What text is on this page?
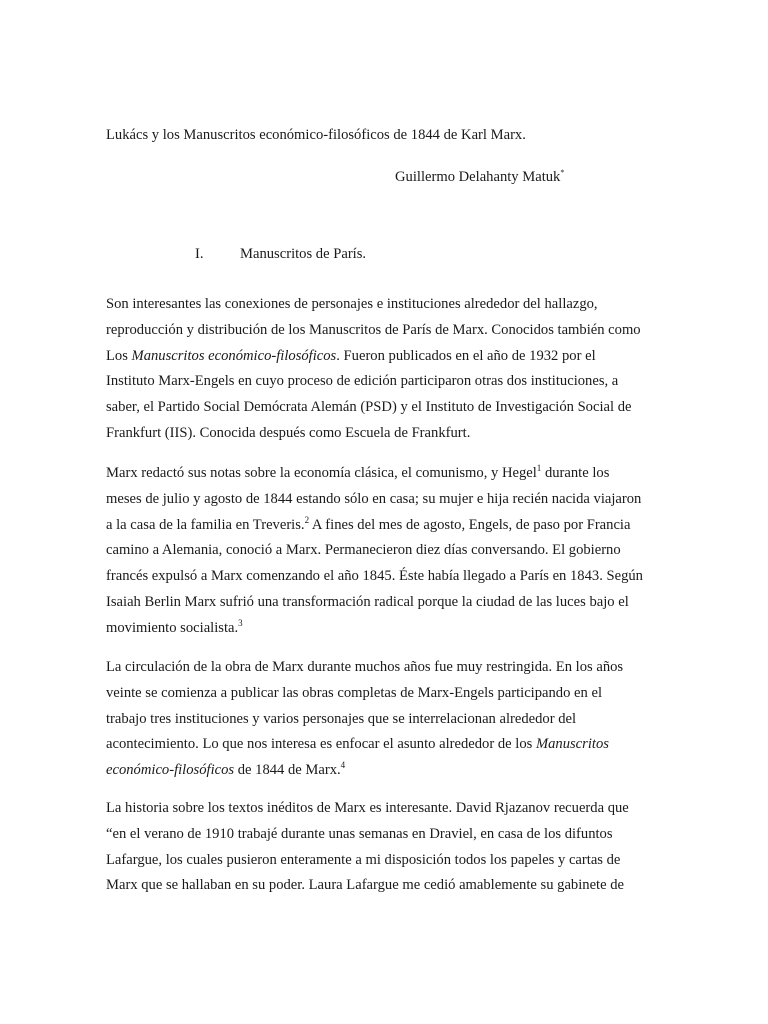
Lukács y los Manuscritos económico-filosóficos de 1844 de Karl Marx.
Guillermo Delahanty Matuk*
I. Manuscritos de París.

Son interesantes las conexiones de personajes e instituciones alrededor del hallazgo,
reproducción y distribución de los Manuscritos de París de Marx. Conocidos también como
Los Manuscritos económico-filosóficos. Fueron publicados en el año de 1932 por el
Instituto Marx-Engels en cuyo proceso de edición participaron otras dos instituciones, a
saber, el Partido Social Demócrata Alemán (PSD) y el Instituto de Investigación Social de
Frankfurt (IIS). Conocida después como Escuela de Frankfurt.

Marx redactó sus notas sobre la economía clásica, el comunismo, y Hegel$^1$ durante los
meses de julio y agosto de 1844 estando sólo en casa; su mujer e hija recién nacida viajaron
a la casa de la familia en Treveris.$^2$ A fines del mes de agosto, Engels, de paso por Francia
camino a Alemania, conoció a Marx. Permanecieron diez días conversando. El gobierno
francés expulsó a Marx comenzando el año 1845. Éste había llegado a París en 1843. Según
Isaiah Berlin Marx sufrió una transformación radical porque la ciudad de las luces bajo el
movimiento socialista.$^3$

La circulación de la obra de Marx durante muchos años fue muy restringida. En los años
veinte se comienza a publicar las obras completas de Marx-Engels participando en el
trabajo tres instituciones y varios personajes que se interrelacionan alrededor del
acontecimiento. Lo que nos interesa es enfocar el asunto alrededor de los Manuscritos
económico-filosóficos de 1844 de Marx.$^4$

La historia sobre los textos inéditos de Marx es interesante. David Rjazanov recuerda que
“en el verano de 1910 trabajé durante unas semanas en Draviel, en casa de los difuntos
Lafargue, los cuales pusieron enteramente a mi disposición todos los papeles y cartas de
Marx que se hallaban en su poder. Laura Lafargue me cedió amablemente su gabinete de
